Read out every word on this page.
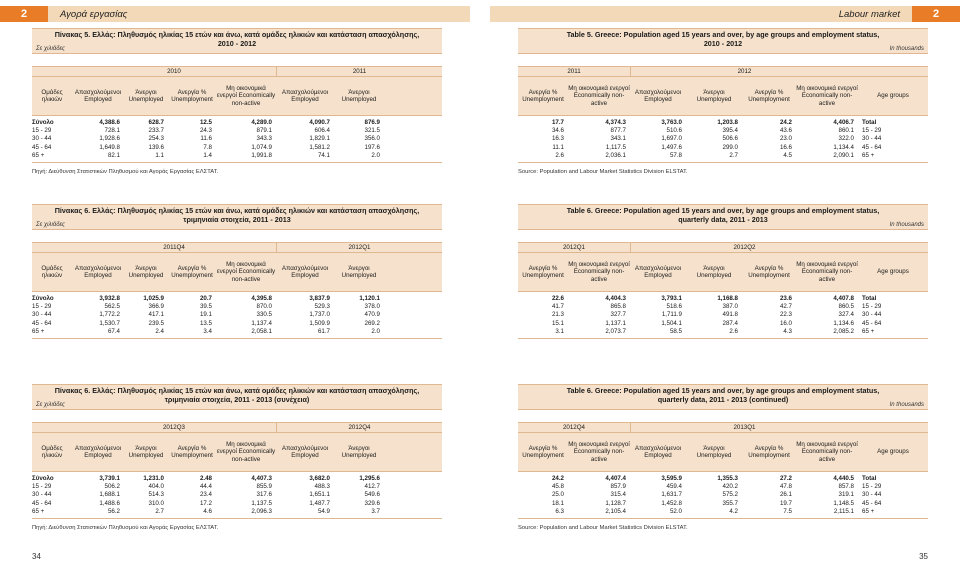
2	Αγορά εργασίας
Πίνακας 5. Ελλάς: Πληθυσμός ηλικίας 15 ετών και άνω, κατά ομάδες ηλικιών και κατάσταση απασχόλησης,
2010 - 2012
Σε χιλιάδες
2010	2011
Ομάδες ηλικιών
Απασχολούμενοι Employed
Άνεργοι Unemployed
Ανεργία % Unemployment
Μη οικονομικά ενεργοί Economically non-active
Απασχολούμενοι Employed
Άνεργοι Unemployed
Σύνολο	4,388.6	628.7	12.5	4,289.0	4,090.7	876.9
15 - 29	728.1	233.7	24.3	879.1	606.4	321.5
30 - 44	1,928.6	254.3	11.6	343.3	1,829.1	356.0
45 - 64	1,649.8	139.6	7.8	1,074.9	1,581.2	197.6
65 +	82.1	1.1	1.4	1,991.8	74.1	2.0
Πηγή: Διεύθυνση Στατιστικών Πληθυσμού και Αγοράς Εργασίας ΕΛΣΤΑΤ.
Πίνακας 6. Ελλάς: Πληθυσμός ηλικίας 15 ετών και άνω, κατά ομάδες ηλικιών και κατάσταση απασχόλησης,
τριμηνιαία στοιχεία, 2011 - 2013
Σε χιλιάδες
2011Q4	2012Q1
Ομάδες ηλικιών
Απασχολούμενοι Employed
Άνεργοι Unemployed
Ανεργία % Unemployment
Μη οικονομικά ενεργοί Economically non-active
Απασχολούμενοι Employed
Άνεργοι Unemployed
Σύνολο	3,932.8	1,025.9	20.7	4,395.8	3,837.9	1,120.1
15 - 29	562.5	366.9	39.5	870.0	529.3	378.0
30 - 44	1,772.2	417.1	19.1	330.5	1,737.0	470.9
45 - 64	1,530.7	239.5	13.5	1,137.4	1,509.9	269.2
65 +	67.4	2.4	3.4	2,058.1	61.7	2.0
Πίνακας 6. Ελλάς: Πληθυσμός ηλικίας 15 ετών και άνω, κατά ομάδες ηλικιών και κατάσταση απασχόλησης,
τριμηνιαία στοιχεία, 2011 - 2013 (συνέχεια)
Σε χιλιάδες
2012Q3	2012Q4
Ομάδες ηλικιών
Απασχολούμενοι Employed
Άνεργοι Unemployed
Ανεργία % Unemployment
Μη οικονομικά ενεργοί Economically non-active
Απασχολούμενοι Employed
Άνεργοι Unemployed
Σύνολο	3,739.1	1,231.0	2.48	4,407.3	3,682.0	1,295.6
15 - 29	506.2	404.0	44.4	855.9	488.3	412.7
30 - 44	1,688.1	514.3	23.4	317.6	1,651.1	549.6
45 - 64	1,488.6	310.0	17.2	1,137.5	1,487.7	329.6
65 +	56.2	2.7	4.6	2,096.3	54.9	3.7
Πηγή: Διεύθυνση Στατιστικών Πληθυσμού και Αγοράς Εργασίας ΕΛΣΤΑΤ.
34
Labour market	2
Table 5. Greece: Population aged 15 years and over, by age groups and employment status,
2010 - 2012
In thousands
2011	2012
Ανεργία % Unemployment
Μη οικονομικά ενεργοί Economically non-active
Απασχολούμενοι Employed
Άνεργοι Unemployed
Ανεργία % Unemployment
Μη οικονομικά ενεργοί Economically non-active
Age groups
17.7	4,374.3	3,763.0	1,203.8	24.2	4,406.7	Total
34.6	877.7	510.6	395.4	43.6	860.1	15 - 29
16.3	343.1	1,697.0	506.6	23.0	322.0	30 - 44
11.1	1,117.5	1,497.6	299.0	16.6	1,134.4	45 - 64
2.6	2,036.1	57.8	2.7	4.5	2,090.1	65 +
Source: Population and Labour Market Statistics Division ELSTAT.
Table 6. Greece: Population aged 15 years and over, by age groups and employment status,
quarterly data, 2011 - 2013
In thousands
2012Q1	2012Q2
Ανεργία % Unemployment
Μη οικονομικά ενεργοί Economically non-active
Απασχολούμενοι Employed
Άνεργοι Unemployed
Ανεργία % Unemployment
Μη οικονομικά ενεργοί Economically non-active
Age groups
22.6	4,404.3	3,793.1	1,168.8	23.6	4,407.8	Total
41.7	865.8	518.6	387.0	42.7	860.5	15 - 29
21.3	327.7	1,711.9	491.8	22.3	327.4	30 - 44
15.1	1,137.1	1,504.1	287.4	16.0	1,134.6	45 - 64
3.1	2,073.7	58.5	2.6	4.3	2,085.2	65 +
Table 6. Greece: Population aged 15 years and over, by age groups and employment status,
quarterly data, 2011 - 2013 (continued)
In thousands
2012Q4	2013Q1
Ανεργία % Unemployment
Μη οικονομικά ενεργοί Economically non-active
Απασχολούμενοι Employed
Άνεργοι Unemployed
Ανεργία % Unemployment
Μη οικονομικά ενεργοί Economically non-active
Age groups
24.2	4,407.4	3,595.9	1,355.3	27.2	4,440.5	Total
45.8	857.9	459.4	420.2	47.8	857.8	15 - 29
25.0	315.4	1,631.7	575.2	26.1	319.1	30 - 44
18.1	1,128.7	1,452.8	355.7	19.7	1,148.5	45 - 64
6.3	2,105.4	52.0	4.2	7.5	2,115.1	65 +
Source: Population and Labour Market Statistics Division ELSTAT.
35
